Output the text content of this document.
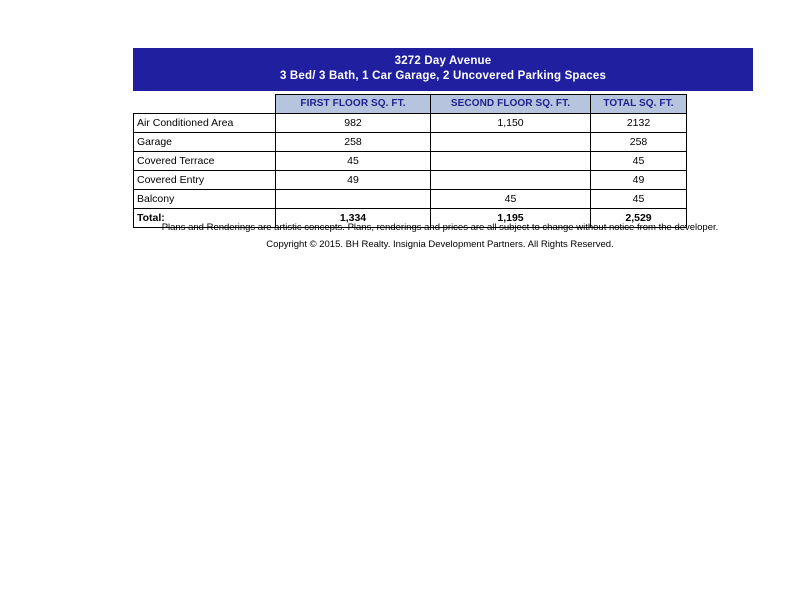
3272 Day Avenue
3 Bed/ 3 Bath, 1 Car Garage, 2 Uncovered Parking Spaces
	FIRST FLOOR SQ. FT.	SECOND FLOOR SQ. FT.	TOTAL SQ. FT.
Air Conditioned Area	982	1,150	2132
Garage	258		258
Covered Terrace	45		45
Covered Entry	49		49
Balcony		45	45
Total:	1,334	1,195	2,529
Plans and Renderings are artistic concepts. Plans, renderings and prices are all subject to change without notice from the developer.
Copyright © 2015. BH Realty. Insignia Development Partners. All Rights Reserved.
